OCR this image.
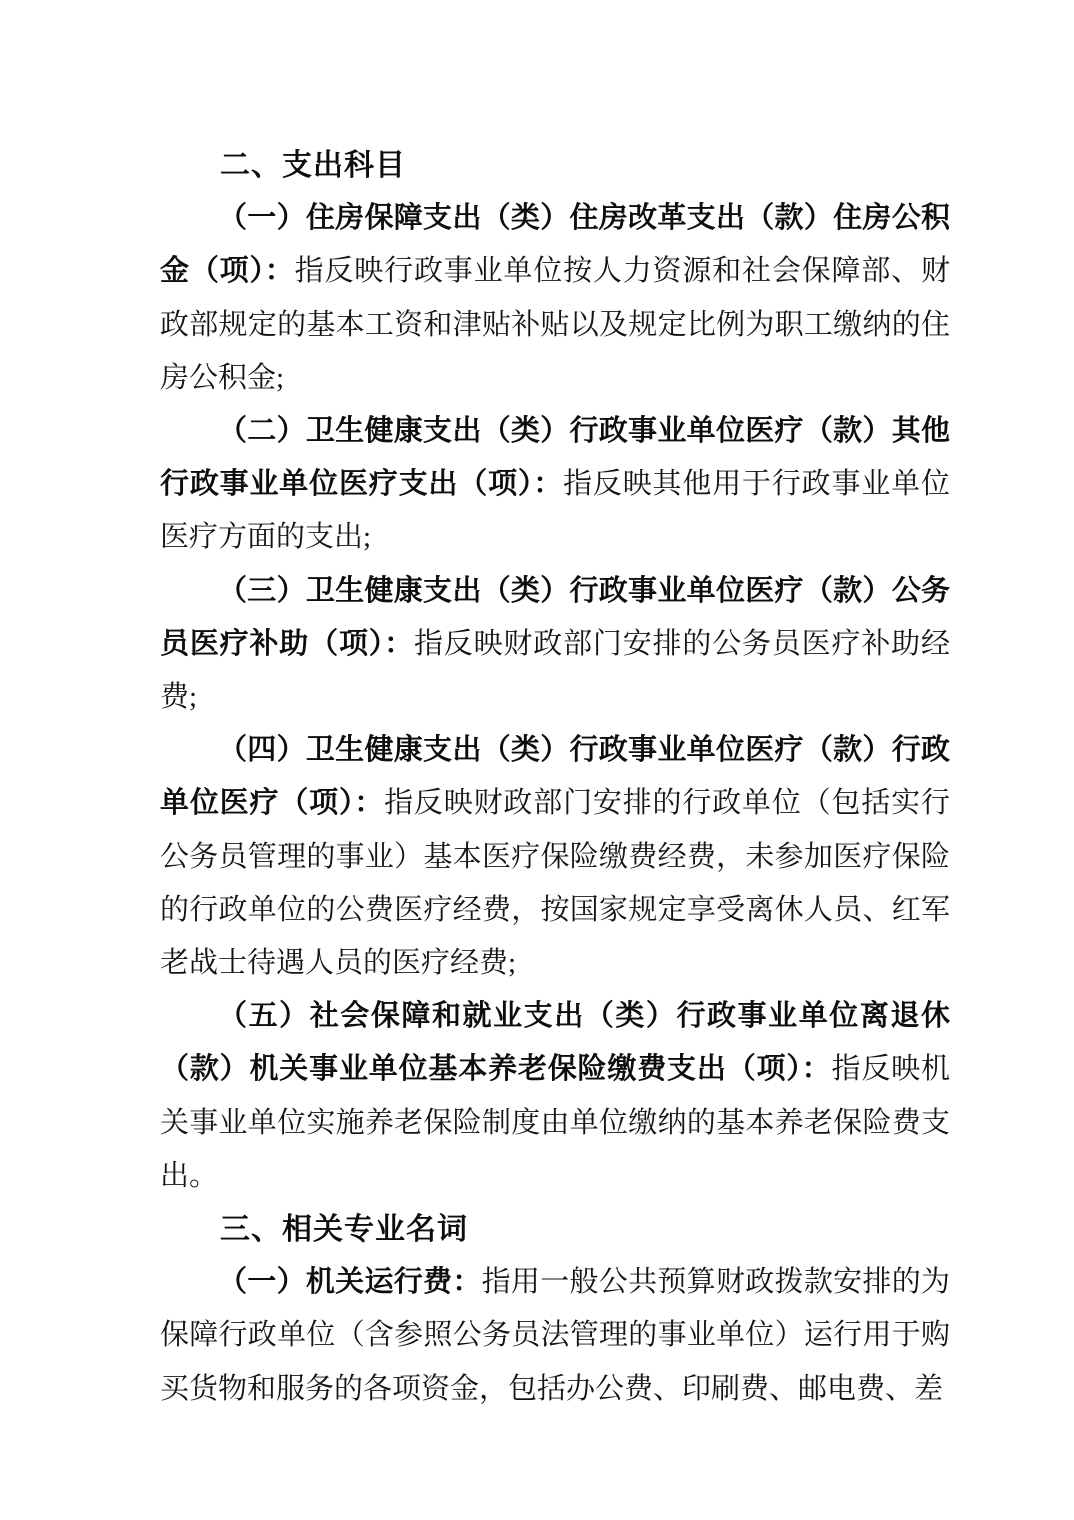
二、支出科目

（一）住房保障支出（类）住房改革支出（款）住房公积金（项）：指反映行政事业单位按人力资源和社会保障部、财政部规定的基本工资和津贴补贴以及规定比例为职工缴纳的住房公积金;

（二）卫生健康支出（类）行政事业单位医疗（款）其他行政事业单位医疗支出（项）：指反映其他用于行政事业单位医疗方面的支出;

（三）卫生健康支出（类）行政事业单位医疗（款）公务员医疗补助（项）：指反映财政部门安排的公务员医疗补助经费;

（四）卫生健康支出（类）行政事业单位医疗（款）行政单位医疗（项）：指反映财政部门安排的行政单位（包括实行公务员管理的事业）基本医疗保险缴费经费，未参加医疗保险的行政单位的公费医疗经费，按国家规定享受离休人员、红军老战士待遇人员的医疗经费;

（五）社会保障和就业支出（类）行政事业单位离退休（款）机关事业单位基本养老保险缴费支出（项）：指反映机关事业单位实施养老保险制度由单位缴纳的基本养老保险费支出。

三、相关专业名词

（一）机关运行费：指用一般公共预算财政拨款安排的为保障行政单位（含参照公务员法管理的事业单位）运行用于购买货物和服务的各项资金，包括办公费、印刷费、邮电费、差
